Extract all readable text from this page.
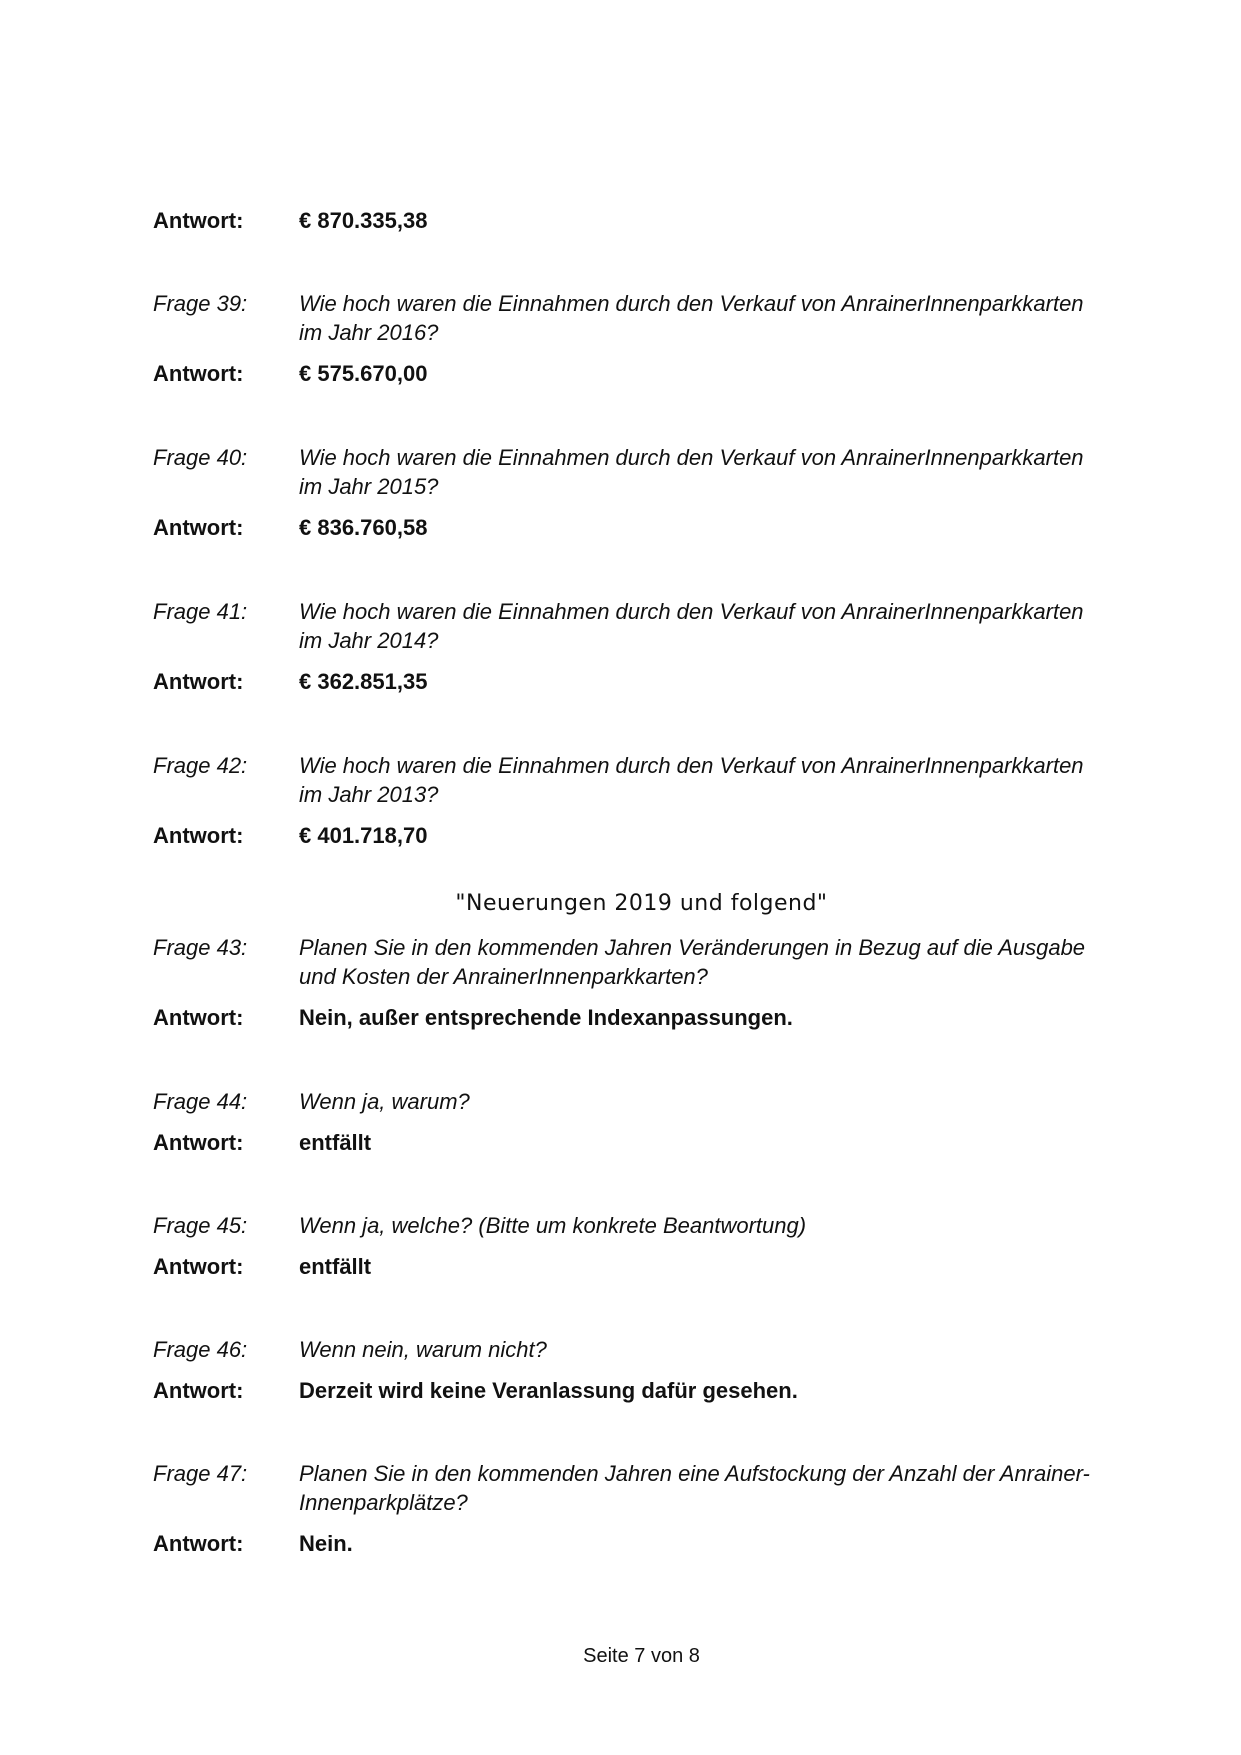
Antwort:	€ 870.335,38
Frage 39: Wie hoch waren die Einnahmen durch den Verkauf von AnrainerInnenparkkarten
im Jahr 2016?
Antwort:	€ 575.670,00
Frage 40: Wie hoch waren die Einnahmen durch den Verkauf von AnrainerInnenparkkarten
im Jahr 2015?
Antwort:	€ 836.760,58
Frage 41: Wie hoch waren die Einnahmen durch den Verkauf von AnrainerInnenparkkarten
im Jahr 2014?
Antwort:	€ 362.851,35
Frage 42: Wie hoch waren die Einnahmen durch den Verkauf von AnrainerInnenparkkarten
im Jahr 2013?
Antwort:	€ 401.718,70
"Neuerungen 2019 und folgend"
Frage 43: Planen Sie in den kommenden Jahren Veränderungen in Bezug auf die Ausgabe
und Kosten der AnrainerInnenparkkarten?
Antwort:	Nein, außer entsprechende Indexanpassungen.
Frage 44: Wenn ja, warum?
Antwort:	entfällt
Frage 45: Wenn ja, welche? (Bitte um konkrete Beantwortung)
Antwort:	entfällt
Frage 46: Wenn nein, warum nicht?
Antwort:	Derzeit wird keine Veranlassung dafür gesehen.
Frage 47: Planen Sie in den kommenden Jahren eine Aufstockung der Anzahl der Anrainer-
Innenparkplätze?
Antwort:	Nein.
Seite 7 von 8
